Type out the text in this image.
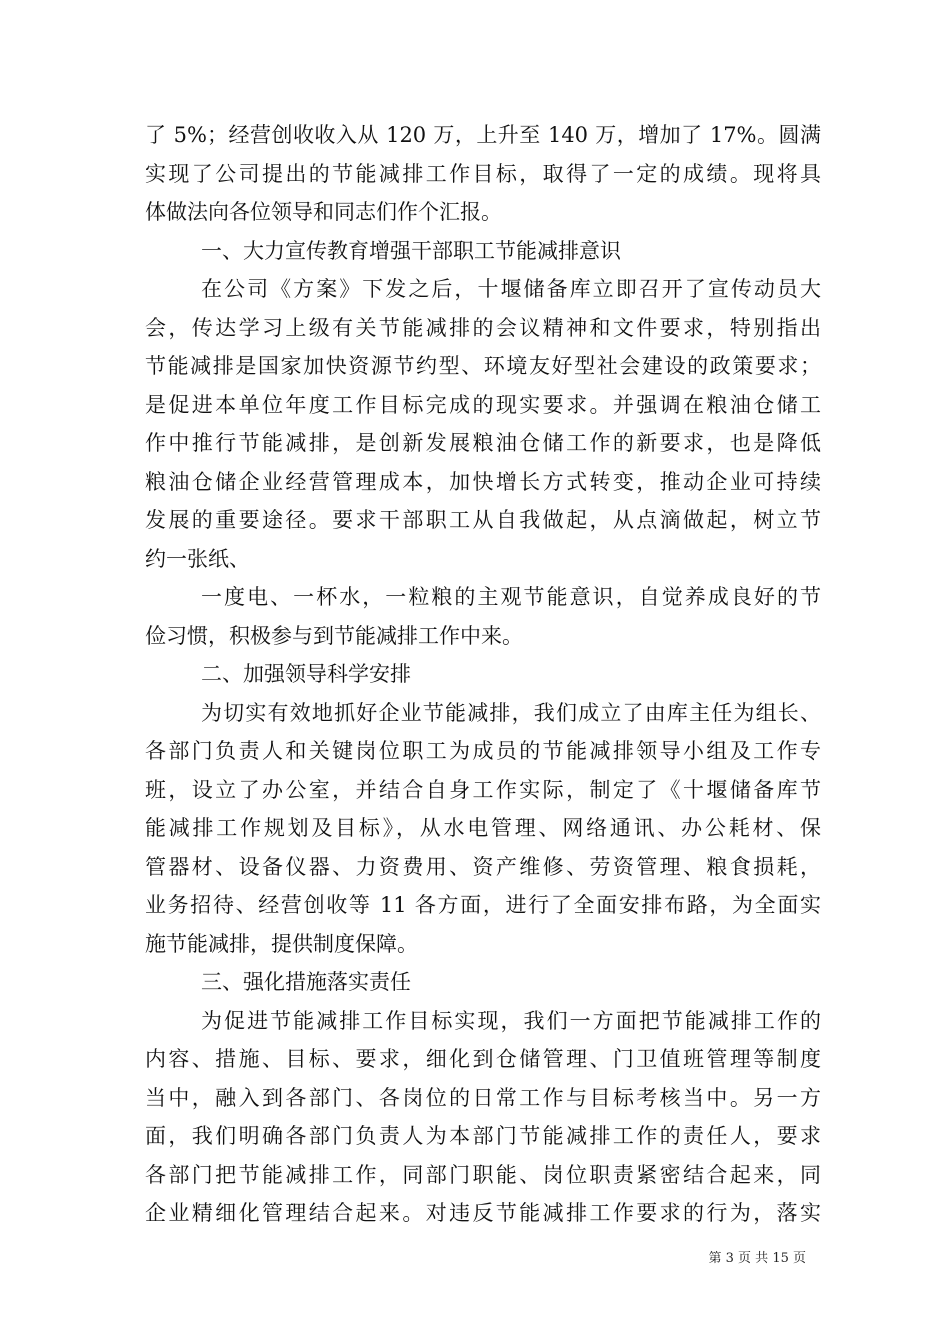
了 5%；经营创收收入从 120 万，上升至 140 万，增加了 17%。圆满
实现了公司提出的节能减排工作目标，取得了一定的成绩。现将具
体做法向各位领导和同志们作个汇报。
一、大力宣传教育增强干部职工节能减排意识
在公司《方案》下发之后，十堰储备库立即召开了宣传动员大
会，传达学习上级有关节能减排的会议精神和文件要求，特别指出
节能减排是国家加快资源节约型、环境友好型社会建设的政策要求；
是促进本单位年度工作目标完成的现实要求。并强调在粮油仓储工
作中推行节能减排，是创新发展粮油仓储工作的新要求，也是降低
粮油仓储企业经营管理成本，加快增长方式转变，推动企业可持续
发展的重要途径。要求干部职工从自我做起，从点滴做起，树立节
约一张纸、
一度电、一杯水，一粒粮的主观节能意识，自觉养成良好的节
俭习惯，积极参与到节能减排工作中来。
二、加强领导科学安排
为切实有效地抓好企业节能减排，我们成立了由库主任为组长、
各部门负责人和关键岗位职工为成员的节能减排领导小组及工作专
班，设立了办公室，并结合自身工作实际，制定了《十堰储备库节
能减排工作规划及目标》，从水电管理、网络通讯、办公耗材、保
管器材、设备仪器、力资费用、资产维修、劳资管理、粮食损耗，
业务招待、经营创收等 11 各方面，进行了全面安排布路，为全面实
施节能减排，提供制度保障。
三、强化措施落实责任
为促进节能减排工作目标实现，我们一方面把节能减排工作的
内容、措施、目标、要求，细化到仓储管理、门卫值班管理等制度
当中，融入到各部门、各岗位的日常工作与目标考核当中。另一方
面，我们明确各部门负责人为本部门节能减排工作的责任人，要求
各部门把节能减排工作，同部门职能、岗位职责紧密结合起来，同
企业精细化管理结合起来。对违反节能减排工作要求的行为，落实
第 3 页 共 15 页
